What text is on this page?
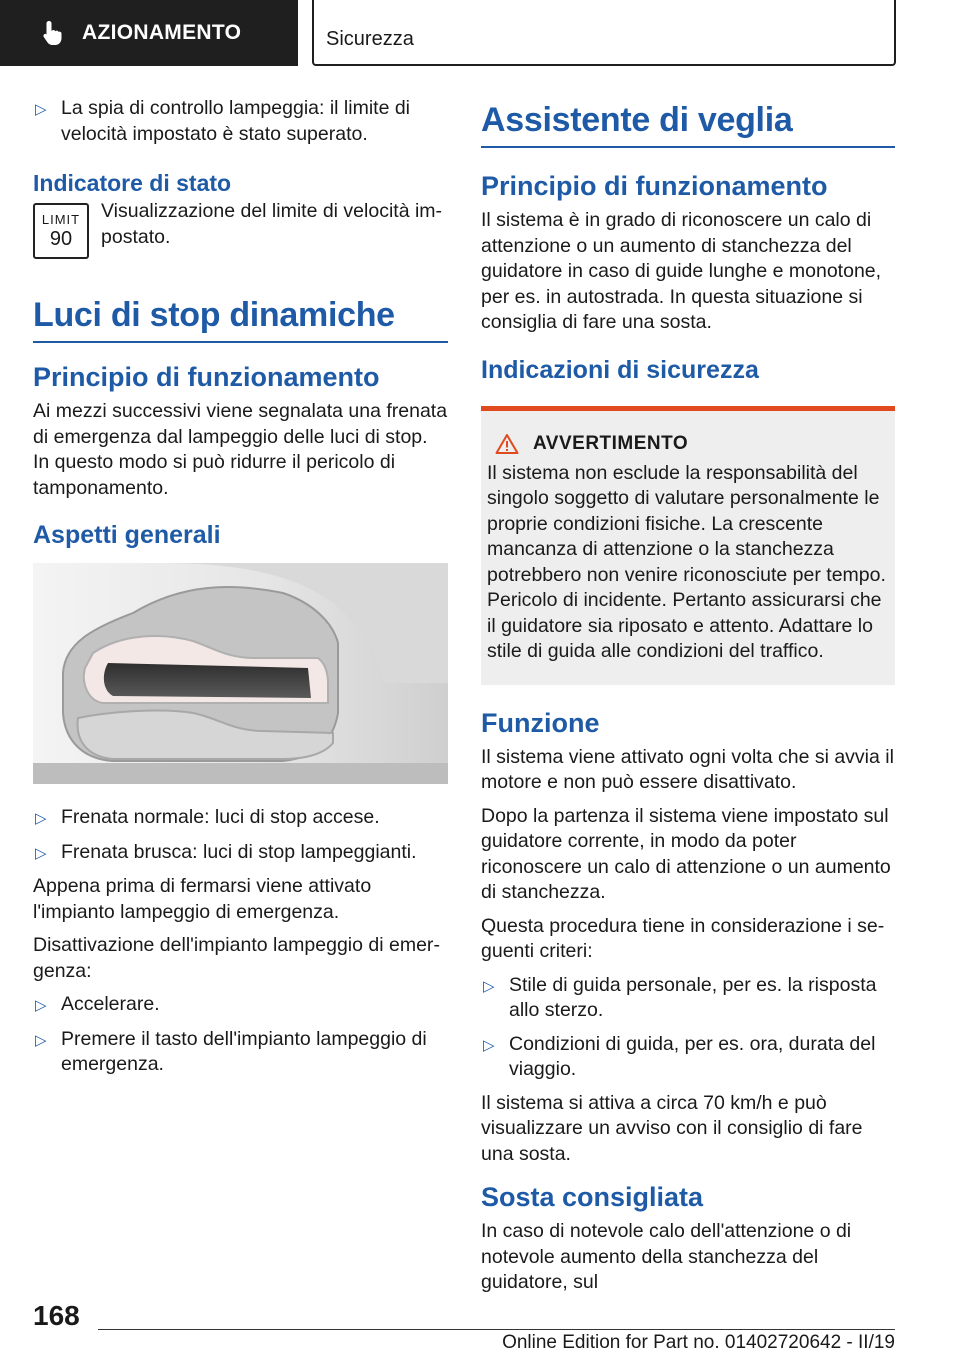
AZIONAMENTO	Sicurezza
▷ La spia di controllo lampeggia: il limite di velocità impostato è stato superato.
Indicatore di stato
LIMIT
90

Visualizzazione del limite di velocità impostato.

Luci di stop dinamiche
Principio di funzionamento

Ai mezzi successivi viene segnalata una frenata di emergenza dal lampeggio delle luci di stop. In questo modo si può ridurre il pericolo di tamponamento.

Aspetti generali
▷ Frenata normale: luci di stop accese.
▷ Frenata brusca: luci di stop lampeggianti.

Appena prima di fermarsi viene attivato l'impianto lampeggio di emergenza.

Disattivazione dell'impianto lampeggio di emergenza:

▷ Accelerare.
▷ Premere il tasto dell'impianto lampeggio di emergenza.
Assistente di veglia
Principio di funzionamento

Il sistema è in grado di riconoscere un calo di attenzione o un aumento di stanchezza del guidatore in caso di guide lunghe e monotone, per es. in autostrada. In questa situazione si consiglia di fare una sosta.

Indicazioni di sicurezza
AVVERTIMENTO

Il sistema non esclude la responsabilità del singolo soggetto di valutare personalmente le proprie condizioni fisiche. La crescente mancanza di attenzione o la stanchezza potrebbero non venire riconosciute per tempo. Pericolo di incidente. Pertanto assicurarsi che il guidatore sia riposato e attento. Adattare lo stile di guida alle condizioni del traffico.

Funzione

Il sistema viene attivato ogni volta che si avvia il motore e non può essere disattivato.

Dopo la partenza il sistema viene impostato sul guidatore corrente, in modo da poter riconoscere un calo di attenzione o un aumento di stanchezza.

Questa procedura tiene in considerazione i seguenti criteri:

▷ Stile di guida personale, per es. la risposta allo sterzo.
▷ Condizioni di guida, per es. ora, durata del viaggio.

Il sistema si attiva a circa 70 km/h e può visualizzare un avviso con il consiglio di fare una sosta.

Sosta consigliata

In caso di notevole calo dell'attenzione o di notevole aumento della stanchezza del guidatore, sul

168
Online Edition for Part no. 01402720642 - II/19
